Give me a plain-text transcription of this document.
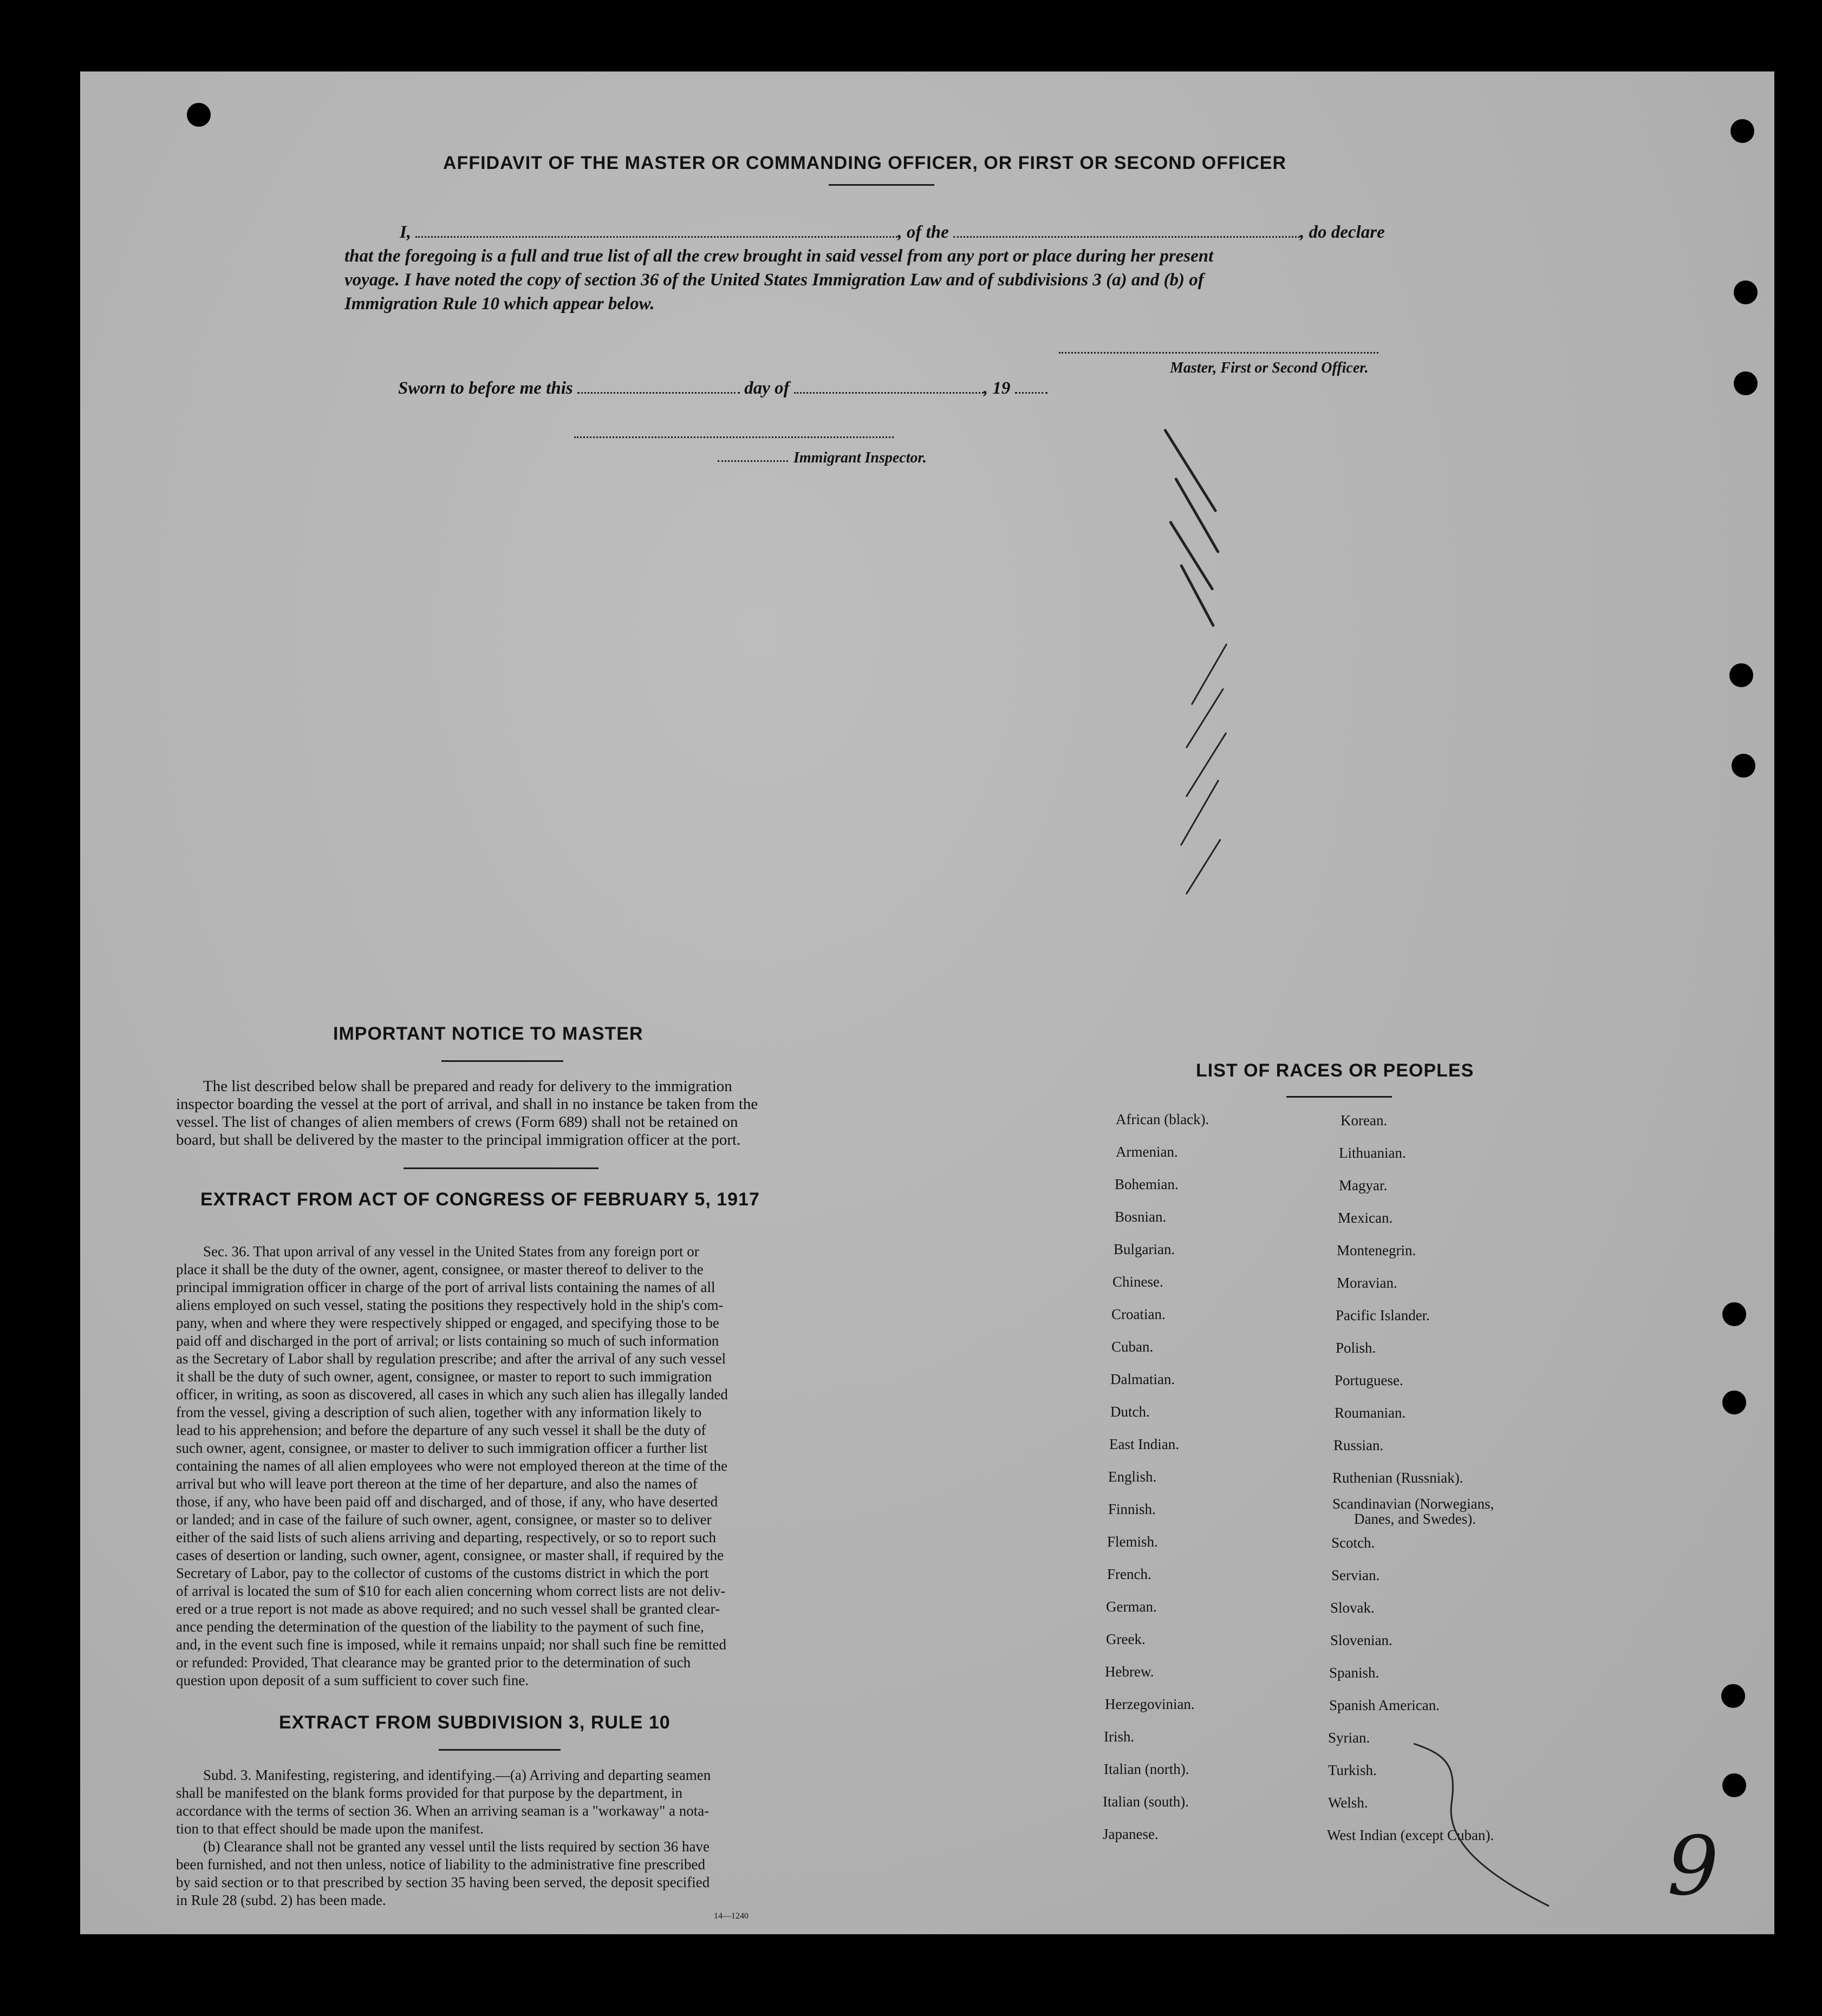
AFFIDAVIT OF THE MASTER OR COMMANDING OFFICER, OR FIRST OR SECOND OFFICER
I,	, of the	, do declare
that the foregoing is a full and true list of all the crew brought in said vessel from any port or place during her present
voyage. I have noted the copy of section 36 of the United States Immigration Law and of subdivisions 3 (a) and (b) of
Immigration Rule 10 which appear below.
Master, First or Second Officer.
Sworn to before me this	day of	, 19
Immigrant Inspector.
IMPORTANT NOTICE TO MASTER
The list described below shall be prepared and ready for delivery to the immigration
inspector boarding the vessel at the port of arrival, and shall in no instance be taken from the
vessel. The list of changes of alien members of crews (Form 689) shall not be retained on
board, but shall be delivered by the master to the principal immigration officer at the port.
EXTRACT FROM ACT OF CONGRESS OF FEBRUARY 5, 1917
Sec. 36. That upon arrival of any vessel in the United States from any foreign port or
place it shall be the duty of the owner, agent, consignee, or master thereof to deliver to the
principal immigration officer in charge of the port of arrival lists containing the names of all
aliens employed on such vessel, stating the positions they respectively hold in the ship's com-
pany, when and where they were respectively shipped or engaged, and specifying those to be
paid off and discharged in the port of arrival; or lists containing so much of such information
as the Secretary of Labor shall by regulation prescribe; and after the arrival of any such vessel
it shall be the duty of such owner, agent, consignee, or master to report to such immigration
officer, in writing, as soon as discovered, all cases in which any such alien has illegally landed
from the vessel, giving a description of such alien, together with any information likely to
lead to his apprehension; and before the departure of any such vessel it shall be the duty of
such owner, agent, consignee, or master to deliver to such immigration officer a further list
containing the names of all alien employees who were not employed thereon at the time of the
arrival but who will leave port thereon at the time of her departure, and also the names of
those, if any, who have been paid off and discharged, and of those, if any, who have deserted
or landed; and in case of the failure of such owner, agent, consignee, or master so to deliver
either of the said lists of such aliens arriving and departing, respectively, or so to report such
cases of desertion or landing, such owner, agent, consignee, or master shall, if required by the
Secretary of Labor, pay to the collector of customs of the customs district in which the port
of arrival is located the sum of $10 for each alien concerning whom correct lists are not deliv-
ered or a true report is not made as above required; and no such vessel shall be granted clear-
ance pending the determination of the question of the liability to the payment of such fine,
and, in the event such fine is imposed, while it remains unpaid; nor shall such fine be remitted
or refunded: Provided, That clearance may be granted prior to the determination of such
question upon deposit of a sum sufficient to cover such fine.
EXTRACT FROM SUBDIVISION 3, RULE 10
Subd. 3. Manifesting, registering, and identifying.—(a) Arriving and departing seamen
shall be manifested on the blank forms provided for that purpose by the department, in
accordance with the terms of section 36. When an arriving seaman is a "workaway" a nota-
tion to that effect should be made upon the manifest.
(b) Clearance shall not be granted any vessel until the lists required by section 36 have
been furnished, and not then unless, notice of liability to the administrative fine prescribed
by said section or to that prescribed by section 35 having been served, the deposit specified
in Rule 28 (subd. 2) has been made.
14—1240
LIST OF RACES OR PEOPLES
African (black).
Armenian.
Bohemian.
Bosnian.
Bulgarian.
Chinese.
Croatian.
Cuban.
Dalmatian.
Dutch.
East Indian.
English.
Finnish.
Flemish.
French.
German.
Greek.
Hebrew.
Herzegovinian.
Irish.
Italian (north).
Italian (south).
Japanese.
Korean.
Lithuanian.
Magyar.
Mexican.
Montenegrin.
Moravian.
Pacific Islander.
Polish.
Portuguese.
Roumanian.
Russian.
Ruthenian (Russniak).
Scandinavian (Norwegians,
Danes, and Swedes).
Scotch.
Servian.
Slovak.
Slovenian.
Spanish.
Spanish American.
Syrian.
Turkish.
Welsh.
West Indian (except Cuban). 9
